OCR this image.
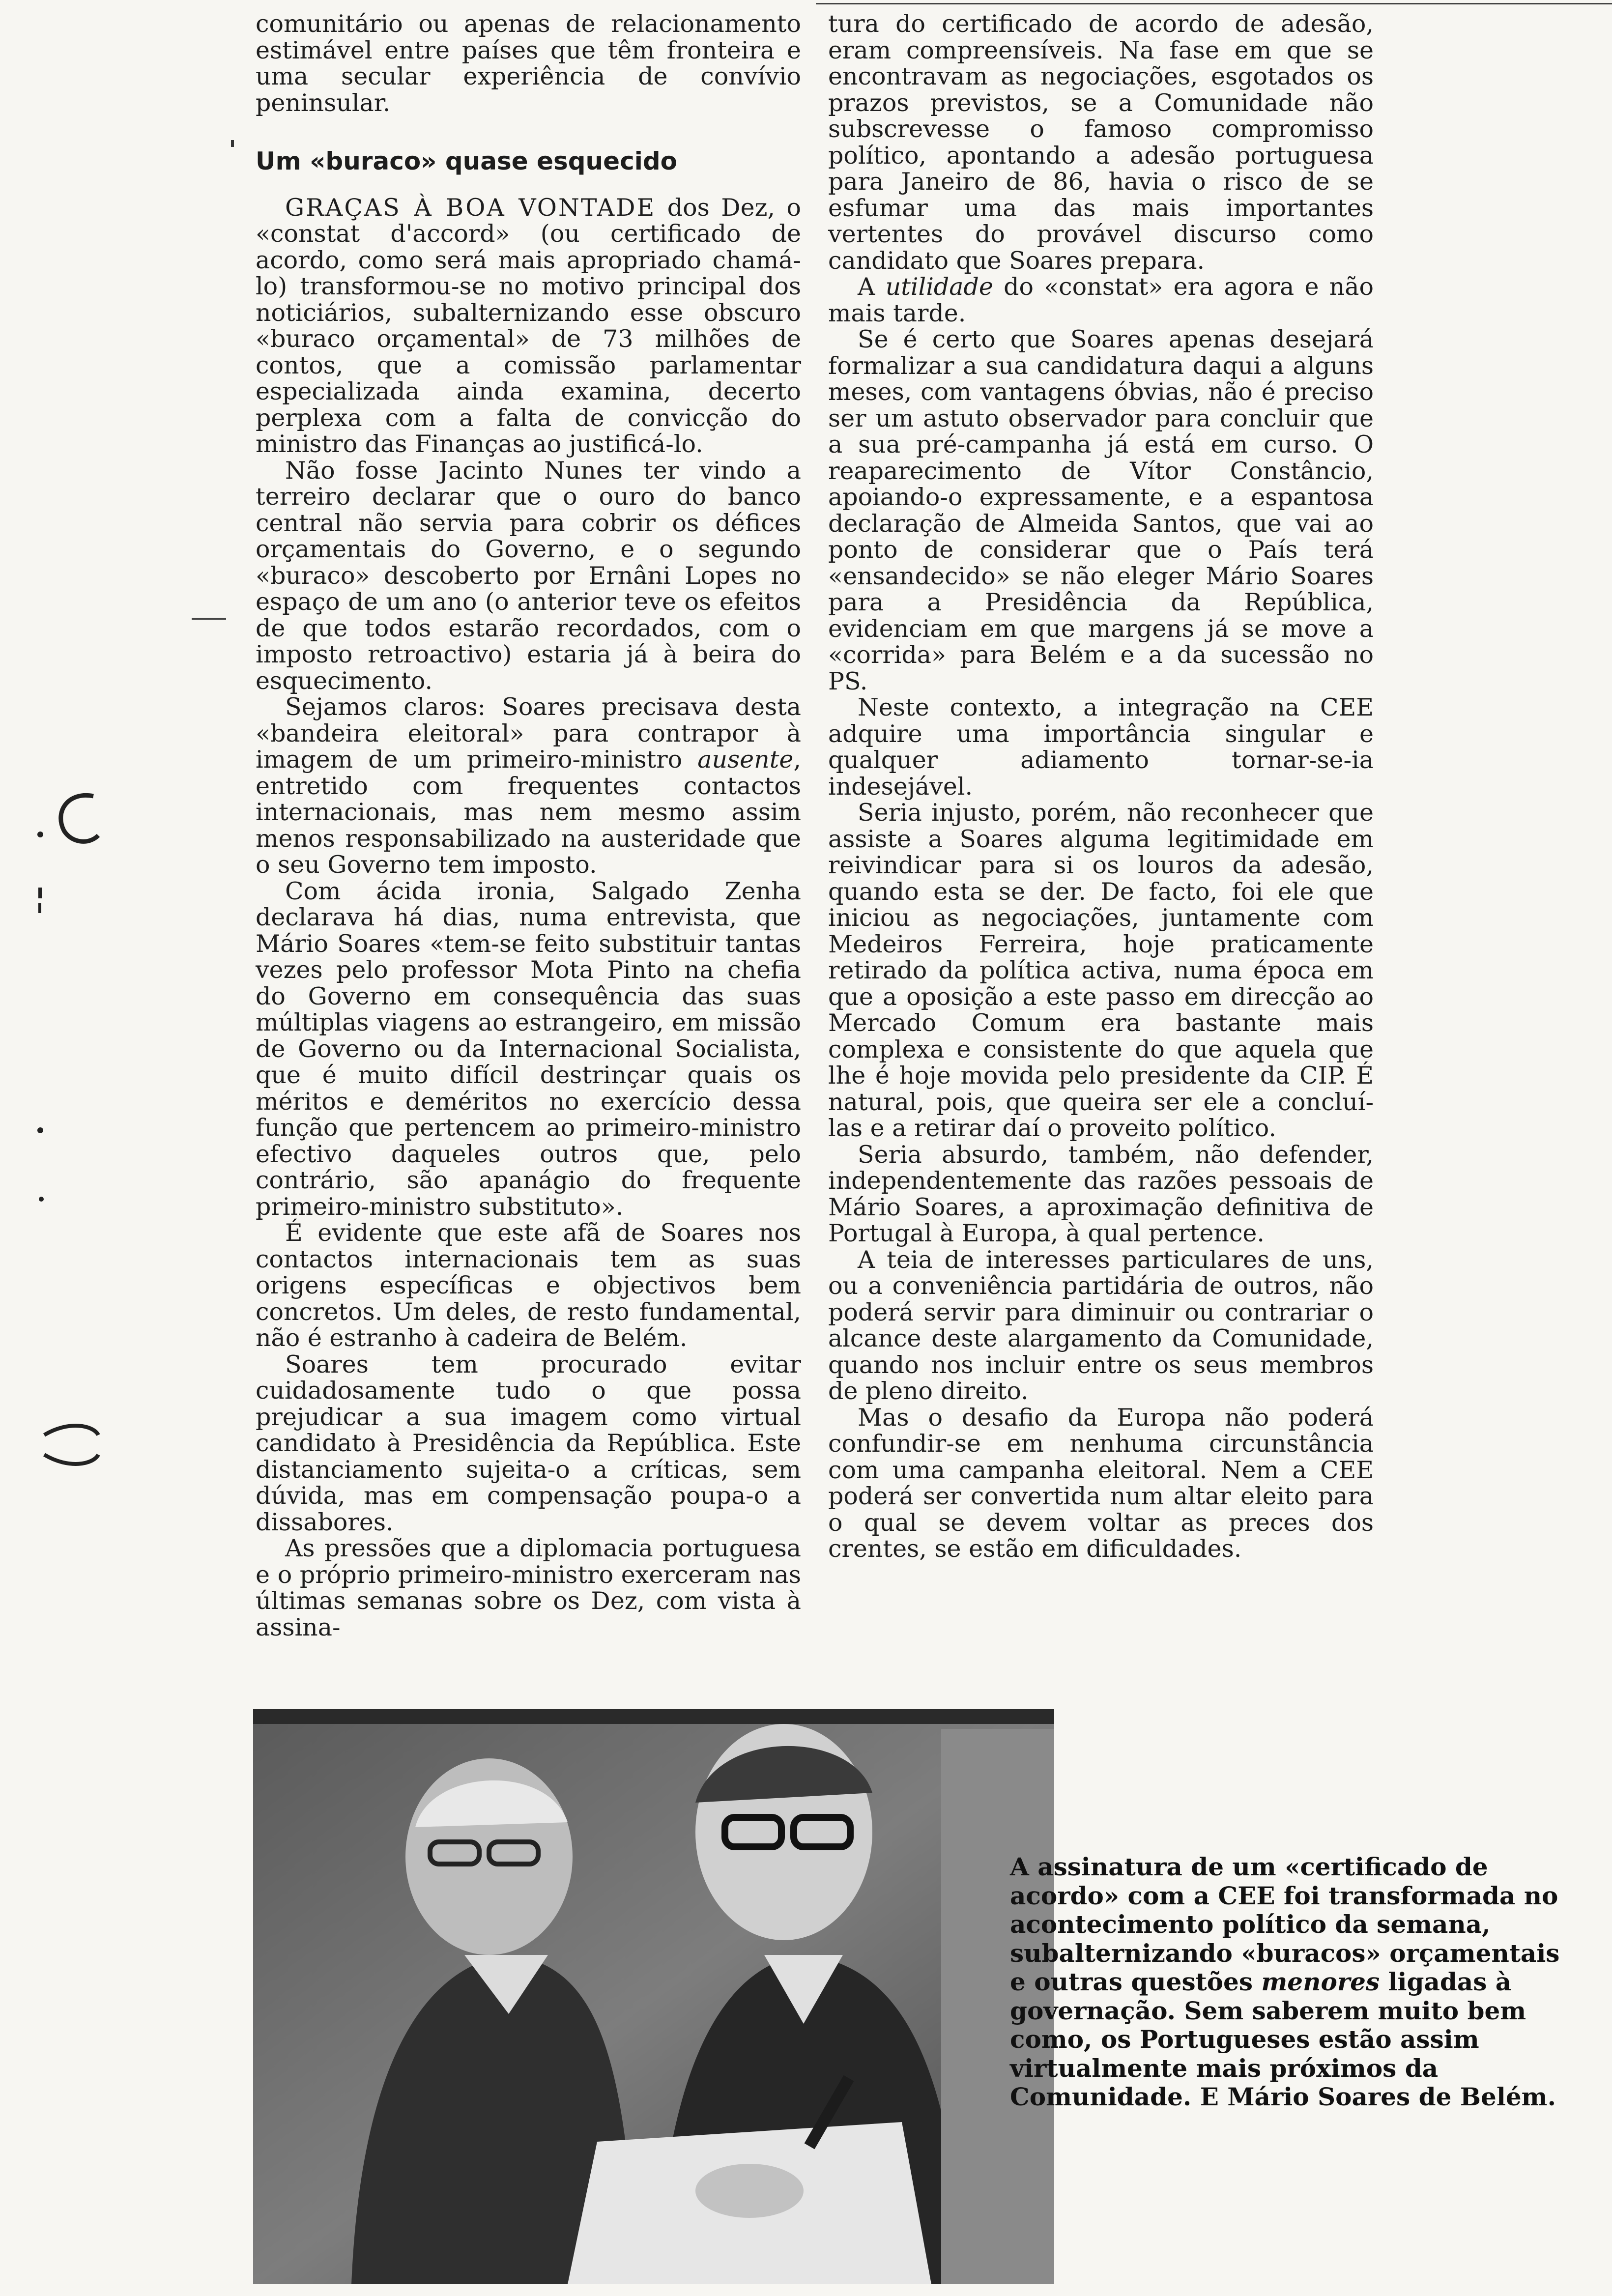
comunitário ou apenas de relacionamento estimável entre países que têm fronteira e uma secular experiência de convívio peninsular.

Um «buraco» quase esquecido

GRAÇAS À BOA VONTADE dos Dez, o «constat d'accord» (ou certificado de acordo, como será mais apropriado chamá-lo) transformou-se no motivo principal dos noticiários, subalternizando esse obscuro «buraco orçamental» de 73 milhões de contos, que a comissão parlamentar especializada ainda examina, decerto perplexa com a falta de convicção do ministro das Finanças ao justificá-lo.

Não fosse Jacinto Nunes ter vindo a terreiro declarar que o ouro do banco central não servia para cobrir os défices orçamentais do Governo, e o segundo «buraco» descoberto por Ernâni Lopes no espaço de um ano (o anterior teve os efeitos de que todos estarão recordados, com o imposto retroactivo) estaria já à beira do esquecimento.

Sejamos claros: Soares precisava desta «bandeira eleitoral» para contrapor à imagem de um primeiro-ministro ausente, entretido com frequentes contactos internacionais, mas nem mesmo assim menos responsabilizado na austeridade que o seu Governo tem imposto.

Com ácida ironia, Salgado Zenha declarava há dias, numa entrevista, que Mário Soares «tem-se feito substituir tantas vezes pelo professor Mota Pinto na chefia do Governo em consequência das suas múltiplas viagens ao estrangeiro, em missão de Governo ou da Internacional Socialista, que é muito difícil destrinçar quais os méritos e deméritos no exercício dessa função que pertencem ao primeiro-ministro efectivo daqueles outros que, pelo contrário, são apanágio do frequente primeiro-ministro substituto».

É evidente que este afã de Soares nos contactos internacionais tem as suas origens específicas e objectivos bem concretos. Um deles, de resto fundamental, não é estranho à cadeira de Belém.

Soares tem procurado evitar cuidadosamente tudo o que possa prejudicar a sua imagem como virtual candidato à Presidência da República. Este distanciamento sujeita-o a críticas, sem dúvida, mas em compensação poupa-o a dissabores.

As pressões que a diplomacia portuguesa e o próprio primeiro-ministro exerceram nas últimas semanas sobre os Dez, com vista à assina-

tura do certificado de acordo de adesão, eram compreensíveis. Na fase em que se encontravam as negociações, esgotados os prazos previstos, se a Comunidade não subscrevesse o famoso compromisso político, apontando a adesão portuguesa para Janeiro de 86, havia o risco de se esfumar uma das mais importantes vertentes do provável discurso como candidato que Soares prepara.

A utilidade do «constat» era agora e não mais tarde.

Se é certo que Soares apenas desejará formalizar a sua candidatura daqui a alguns meses, com vantagens óbvias, não é preciso ser um astuto observador para concluir que a sua pré-campanha já está em curso. O reaparecimento de Vítor Constâncio, apoiando-o expressamente, e a espantosa declaração de Almeida Santos, que vai ao ponto de considerar que o País terá «ensandecido» se não eleger Mário Soares para a Presidência da República, evidenciam em que margens já se move a «corrida» para Belém e a da sucessão no PS.

Neste contexto, a integração na CEE adquire uma importância singular e qualquer adiamento tornar-se-ia indesejável.

Seria injusto, porém, não reconhecer que assiste a Soares alguma legitimidade em reivindicar para si os louros da adesão, quando esta se der. De facto, foi ele que iniciou as negociações, juntamente com Medeiros Ferreira, hoje praticamente retirado da política activa, numa época em que a oposição a este passo em direcção ao Mercado Comum era bastante mais complexa e consistente do que aquela que lhe é hoje movida pelo presidente da CIP. É natural, pois, que queira ser ele a concluí-las e a retirar daí o proveito político.

Seria absurdo, também, não defender, independentemente das razões pessoais de Mário Soares, a aproximação definitiva de Portugal à Europa, à qual pertence.

A teia de interesses particulares de uns, ou a conveniência partidária de outros, não poderá servir para diminuir ou contrariar o alcance deste alargamento da Comunidade, quando nos incluir entre os seus membros de pleno direito.

Mas o desafio da Europa não poderá confundir-se em nenhuma circunstância com uma campanha eleitoral. Nem a CEE poderá ser convertida num altar eleito para o qual se devem voltar as preces dos crentes, se estão em dificuldades.

A assinatura de um «certificado de acordo» com a CEE foi transformada no acontecimento político da semana, subalternizando «buracos» orçamentais e outras questões menores ligadas à governação. Sem saberem muito bem como, os Portugueses estão assim virtualmente mais próximos da Comunidade. E Mário Soares de Belém.
